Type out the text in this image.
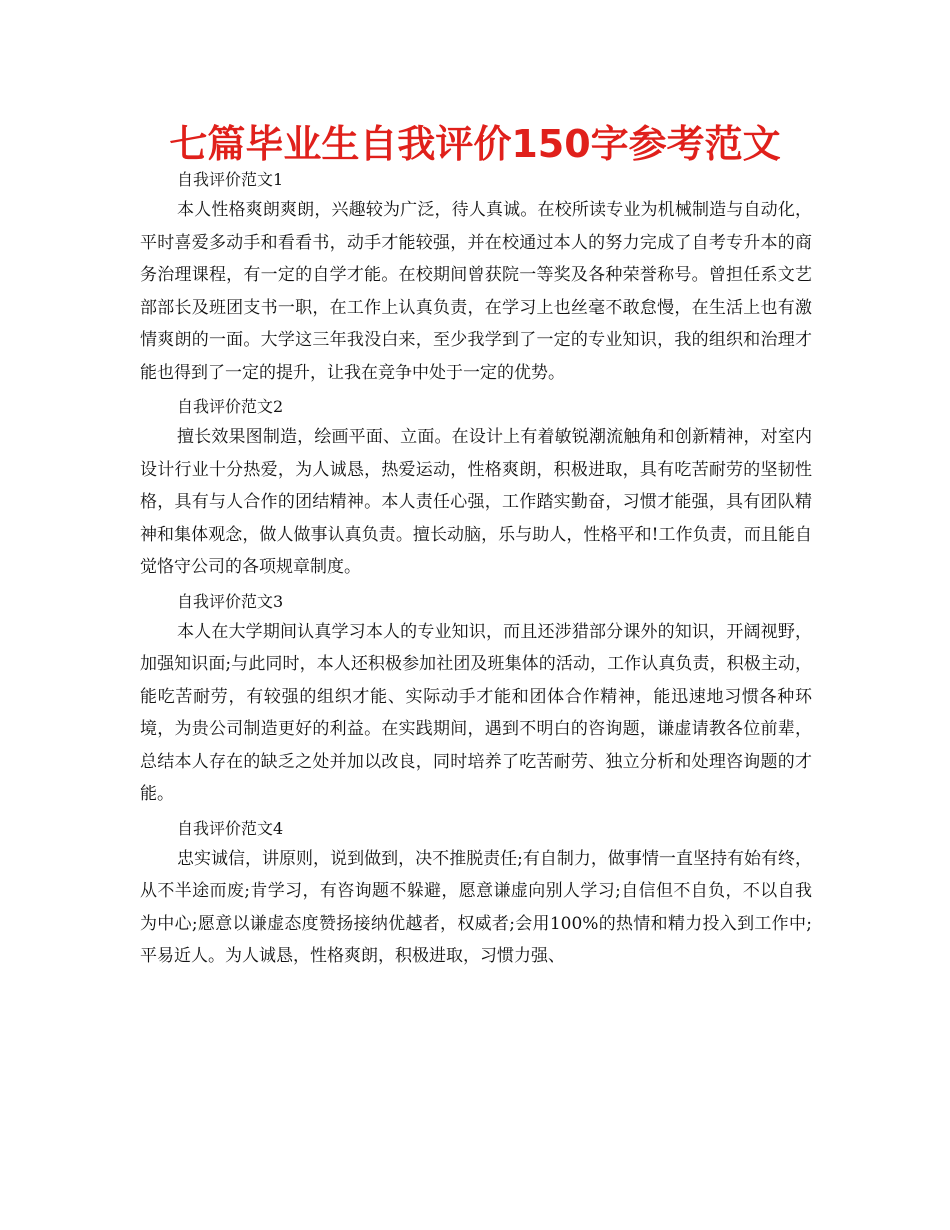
七篇毕业生自我评价150字参考范文

自我评价范文1

本人性格爽朗爽朗，兴趣较为广泛，待人真诚。在校所读专业为机械制造与自动化，平时喜爱多动手和看看书，动手才能较强，并在校通过本人的努力完成了自考专升本的商务治理课程，有一定的自学才能。在校期间曾获院一等奖及各种荣誉称号。曾担任系文艺部部长及班团支书一职，在工作上认真负责，在学习上也丝毫不敢怠慢，在生活上也有激情爽朗的一面。大学这三年我没白来，至少我学到了一定的专业知识，我的组织和治理才能也得到了一定的提升，让我在竞争中处于一定的优势。

自我评价范文2

擅长效果图制造，绘画平面、立面。在设计上有着敏锐潮流触角和创新精神，对室内设计行业十分热爱，为人诚恳，热爱运动，性格爽朗，积极进取，具有吃苦耐劳的坚韧性格，具有与人合作的团结精神。本人责任心强，工作踏实勤奋，习惯才能强，具有团队精神和集体观念，做人做事认真负责。擅长动脑，乐与助人，性格平和!工作负责，而且能自觉恪守公司的各项规章制度。

自我评价范文3

本人在大学期间认真学习本人的专业知识，而且还涉猎部分课外的知识，开阔视野，加强知识面;与此同时，本人还积极参加社团及班集体的活动，工作认真负责，积极主动，能吃苦耐劳，有较强的组织才能、实际动手才能和团体合作精神，能迅速地习惯各种环境，为贵公司制造更好的利益。在实践期间，遇到不明白的咨询题，谦虚请教各位前辈，总结本人存在的缺乏之处并加以改良，同时培养了吃苦耐劳、独立分析和处理咨询题的才能。

自我评价范文4

忠实诚信，讲原则，说到做到，决不推脱责任;有自制力，做事情一直坚持有始有终，从不半途而废;肯学习，有咨询题不躲避，愿意谦虚向别人学习;自信但不自负，不以自我为中心;愿意以谦虚态度赞扬接纳优越者，权威者;会用100%的热情和精力投入到工作中;平易近人。为人诚恳，性格爽朗，积极进取，习惯力强、
